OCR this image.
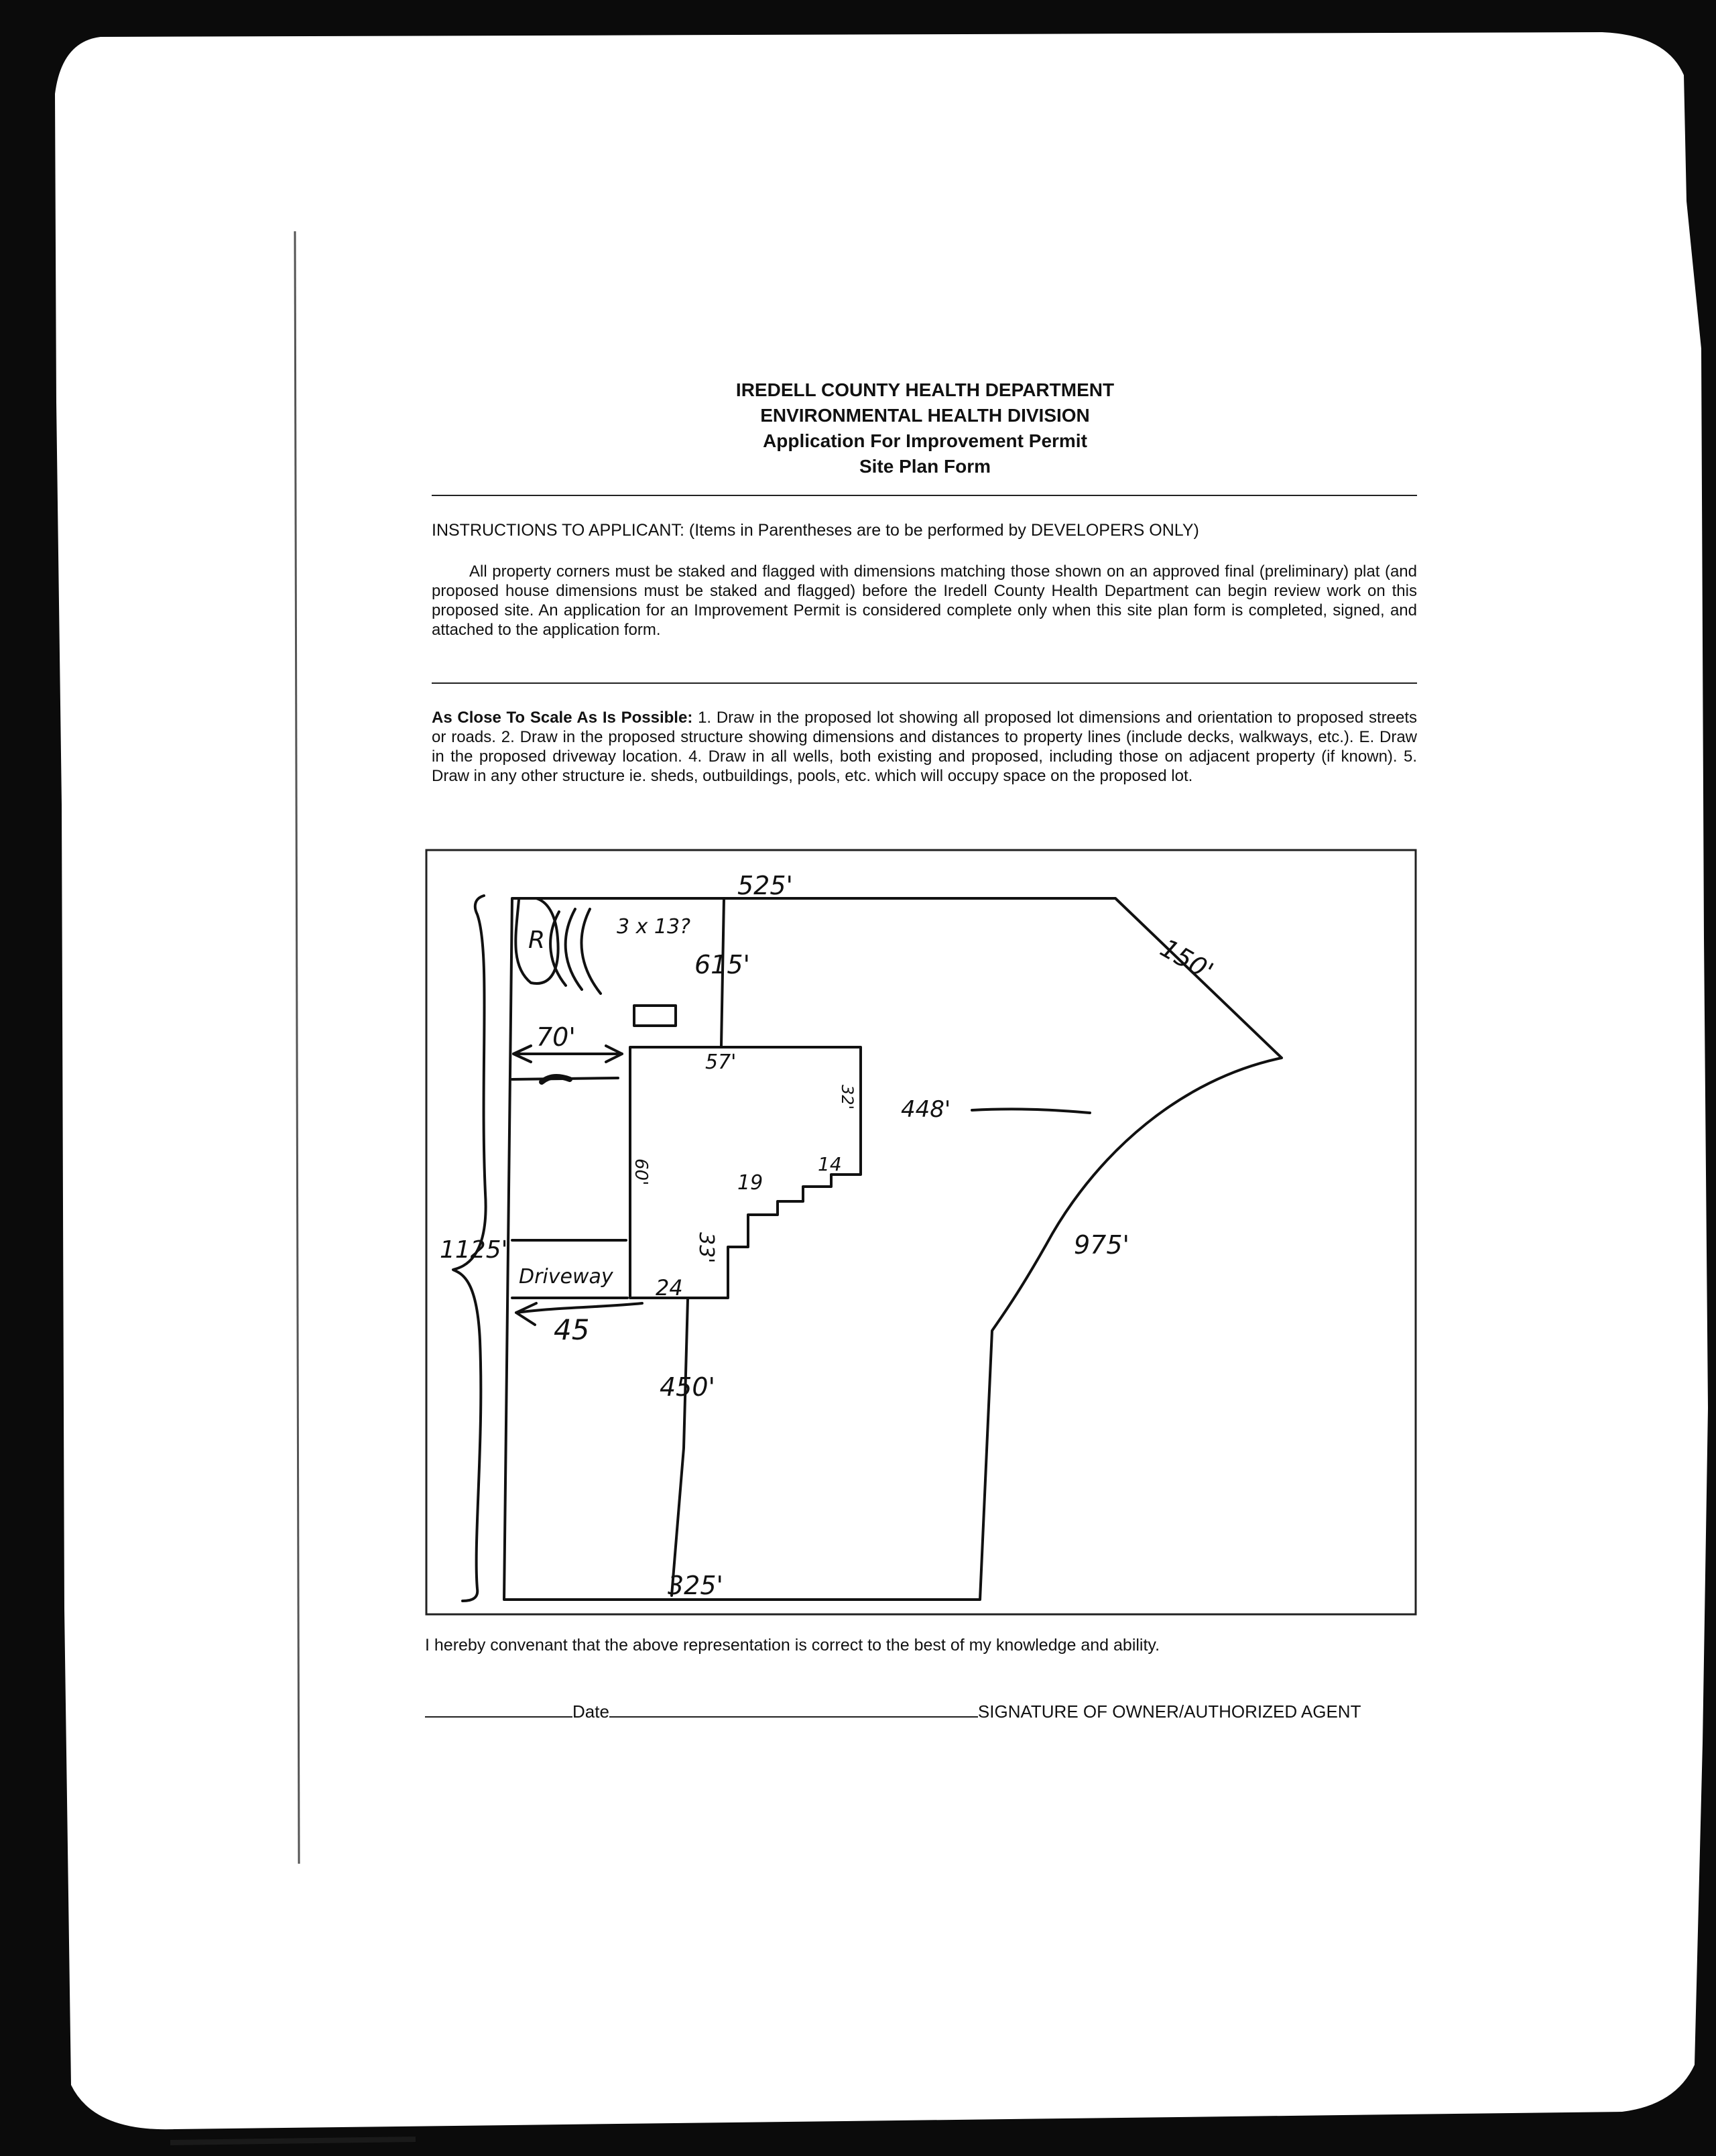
IREDELL COUNTY HEALTH DEPARTMENT
ENVIRONMENTAL HEALTH DIVISION
Application For Improvement Permit
Site Plan Form
INSTRUCTIONS TO APPLICANT: (Items in Parentheses are to be performed by DEVELOPERS ONLY)
All property corners must be staked and flagged with dimensions matching those shown on an approved final (preliminary) plat (and proposed house dimensions must be staked and flagged) before the Iredell County Health Department can begin review work on this proposed site. An application for an Improvement Permit is considered complete only when this site plan form is completed, signed, and attached to the application form.
As Close To Scale As Is Possible: 1. Draw in the proposed lot showing all proposed lot dimensions and orientation to proposed streets or roads. 2. Draw in the proposed structure showing dimensions and distances to property lines (include decks, walkways, etc.). E. Draw in the proposed driveway location. 4. Draw in all wells, both existing and proposed, including those on adjacent property (if known). 5. Draw in any other structure ie. sheds, outbuildings, pools, etc. which will occupy space on the proposed lot.
525'
150'
615'
448'
975'
1125'
325'
450'
70'
Driveway
45
3 x 13?
R
57'
32'
60'	19
14
33'
24
I hereby convenant that the above representation is correct to the best of my knowledge and ability.
Date	SIGNATURE OF OWNER/AUTHORIZED AGENT
